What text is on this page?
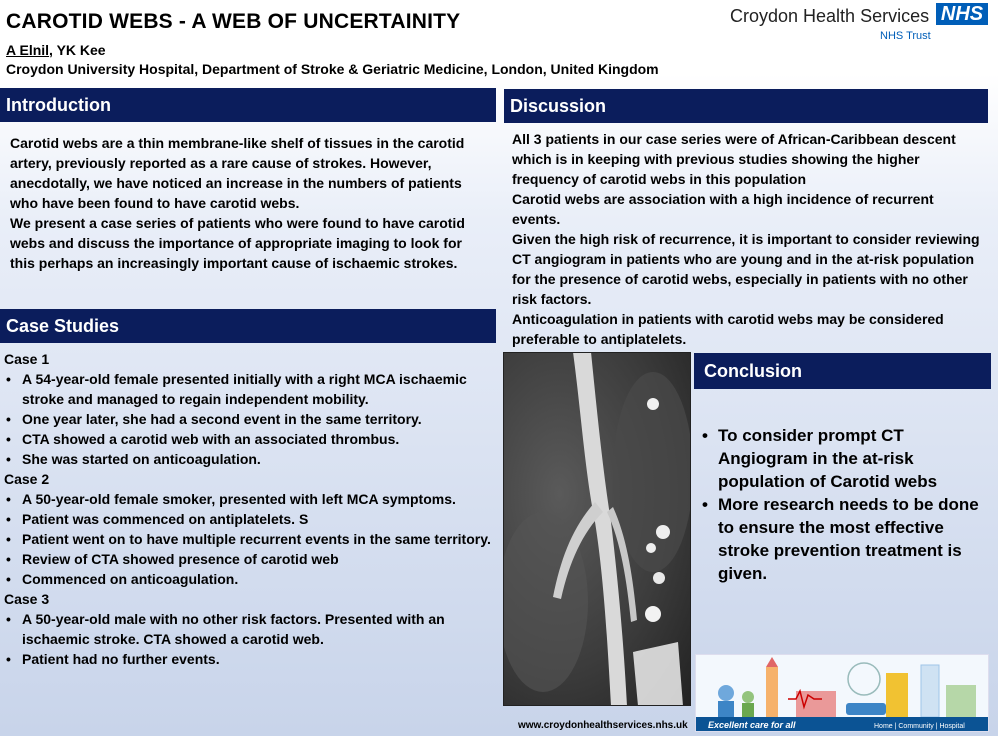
CAROTID WEBS - A WEB OF UNCERTAINITY
A Elnil, YK Kee
Croydon University Hospital, Department of Stroke & Geriatric Medicine, London, United Kingdom
Croydon Health Services NHS
NHS Trust
Introduction

Carotid webs are a thin membrane-like shelf of tissues in the carotid artery, previously reported as a rare cause of strokes. However, anecdotally, we have noticed an increase in the numbers of patients who have been found to have carotid webs.

We present a case series of patients who were found to have carotid webs and discuss the importance of appropriate imaging to look for this perhaps an increasingly important cause of ischaemic strokes.

Case Studies

Case 1

• A 54-year-old female presented initially with a right MCA ischaemic stroke and managed to regain independent mobility.
• One year later, she had a second event in the same territory.
• CTA showed a carotid web with an associated thrombus.
• She was started on anticoagulation.

Case 2

• A 50-year-old female smoker, presented with left MCA symptoms.
• Patient was commenced on antiplatelets. S
• Patient went on to have multiple recurrent events in the same territory.
• Review of CTA showed presence of carotid web
• Commenced on anticoagulation.

Case 3

• A 50-year-old male with no other risk factors. Presented with an ischaemic stroke. CTA showed a carotid web.
• Patient had no further events.
Discussion

All 3 patients in our case series were of African-Caribbean descent which is in keeping with previous studies showing the higher frequency of carotid webs in this population

Carotid webs are association with a high incidence of recurrent events.

Given the high risk of recurrence, it is important to consider reviewing CT angiogram in patients who are young and in the at-risk population for the presence of carotid webs, especially in patients with no other risk factors.

Anticoagulation in patients with carotid webs may be considered preferable to antiplatelets.

Conclusion
• To consider prompt CT Angiogram in the at-risk population of Carotid webs
• More research needs to be done to ensure the most effective stroke prevention treatment is given.
Excellent care for all	Home | Community | Hospital
www.croydonhealthservices.nhs.uk
